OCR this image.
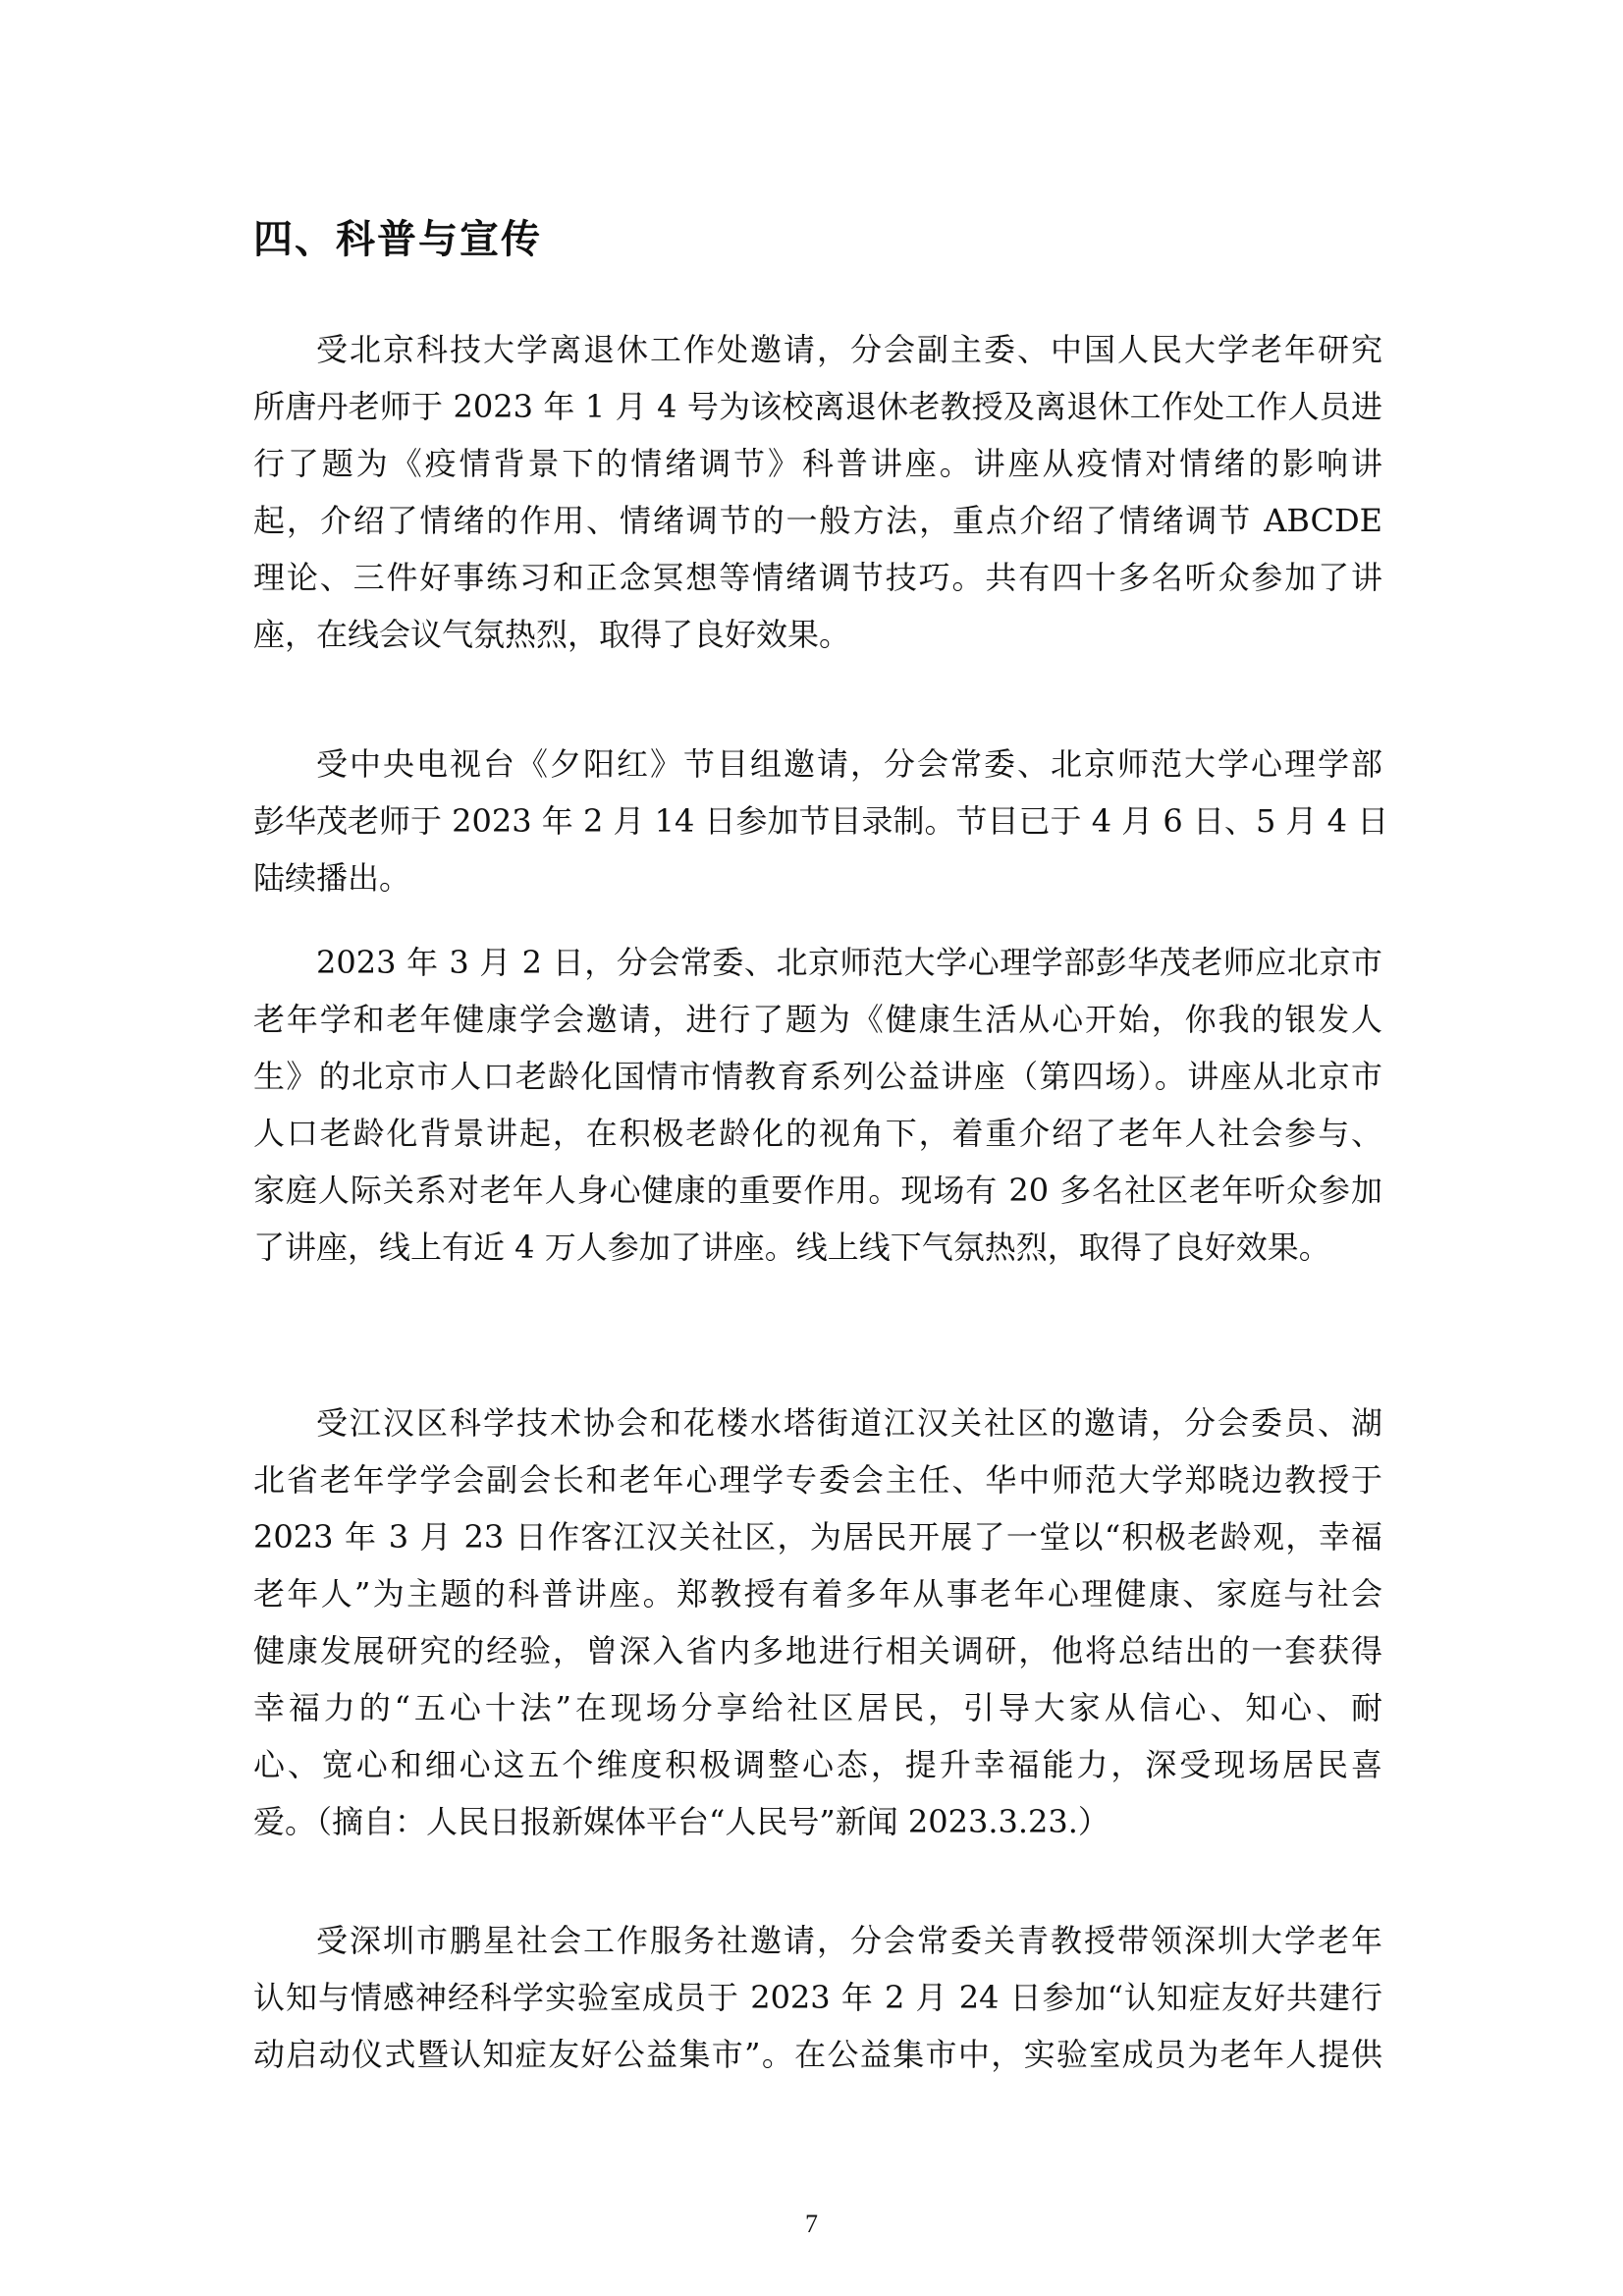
四、科普与宣传

受北京科技大学离退休工作处邀请，分会副主委、中国人民大学老年研究
所唐丹老师于 2023 年 1 月 4 号为该校离退休老教授及离退休工作处工作人员进
行了题为《疫情背景下的情绪调节》科普讲座。讲座从疫情对情绪的影响讲
起，介绍了情绪的作用、情绪调节的一般方法，重点介绍了情绪调节 ABCDE
理论、三件好事练习和正念冥想等情绪调节技巧。共有四十多名听众参加了讲
座，在线会议气氛热烈，取得了良好效果。

受中央电视台《夕阳红》节目组邀请，分会常委、北京师范大学心理学部
彭华茂老师于 2023 年 2 月 14 日参加节目录制。节目已于 4 月 6 日、5 月 4 日
陆续播出。

2023 年 3 月 2 日，分会常委、北京师范大学心理学部彭华茂老师应北京市
老年学和老年健康学会邀请，进行了题为《健康生活从心开始，你我的银发人
生》的北京市人口老龄化国情市情教育系列公益讲座（第四场）。讲座从北京市
人口老龄化背景讲起，在积极老龄化的视角下，着重介绍了老年人社会参与、
家庭人际关系对老年人身心健康的重要作用。现场有 20 多名社区老年听众参加
了讲座，线上有近 4 万人参加了讲座。线上线下气氛热烈，取得了良好效果。

受江汉区科学技术协会和花楼水塔街道江汉关社区的邀请，分会委员、湖
北省老年学学会副会长和老年心理学专委会主任、华中师范大学郑晓边教授于
2023 年 3 月 23 日作客江汉关社区，为居民开展了一堂以“积极老龄观，幸福
老年人”为主题的科普讲座。郑教授有着多年从事老年心理健康、家庭与社会
健康发展研究的经验，曾深入省内多地进行相关调研，他将总结出的一套获得
幸福力的“五心十法”在现场分享给社区居民，引导大家从信心、知心、耐
心、宽心和细心这五个维度积极调整心态，提升幸福能力，深受现场居民喜
爱。（摘自：人民日报新媒体平台“人民号”新闻 2023.3.23.）

受深圳市鹏星社会工作服务社邀请，分会常委关青教授带领深圳大学老年
认知与情感神经科学实验室成员于 2023 年 2 月 24 日参加“认知症友好共建行
动启动仪式暨认知症友好公益集市”。在公益集市中，实验室成员为老年人提供

7
